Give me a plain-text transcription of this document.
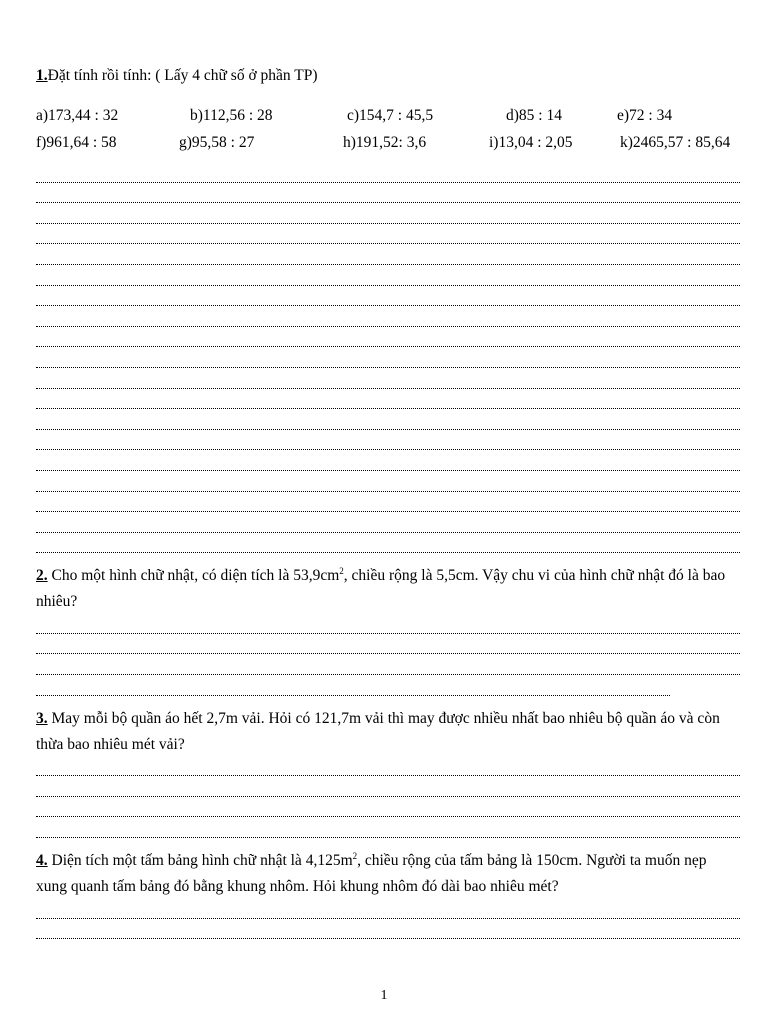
1.Đặt tính rồi tính: ( Lấy 4 chữ số ở phần TP)
a)173,44 : 32	b)112,56 : 28	c)154,7 : 45,5	d)85 : 14	e)72 : 34
f)961,64 : 58	g)95,58 : 27	h)191,52: 3,6	i)13,04 : 2,05	k)2465,57 : 85,64
2. Cho một hình chữ nhật, có diện tích là $53,9cm^2$, chiều rộng là 5,5cm. Vậy chu vi của hình chữ nhật đó là bao nhiêu?
3. May mỗi bộ quần áo hết 2,7m vải. Hỏi có 121,7m vải thì may được nhiều nhất bao nhiêu bộ quần áo và còn thừa bao nhiêu mét vải?
4. Diện tích một tấm bảng hình chữ nhật là $4,125m^2$, chiều rộng của tấm bảng là 150cm. Người ta muốn nẹp xung quanh tấm bảng đó bằng khung nhôm. Hỏi khung nhôm đó dài bao nhiêu mét?
1
